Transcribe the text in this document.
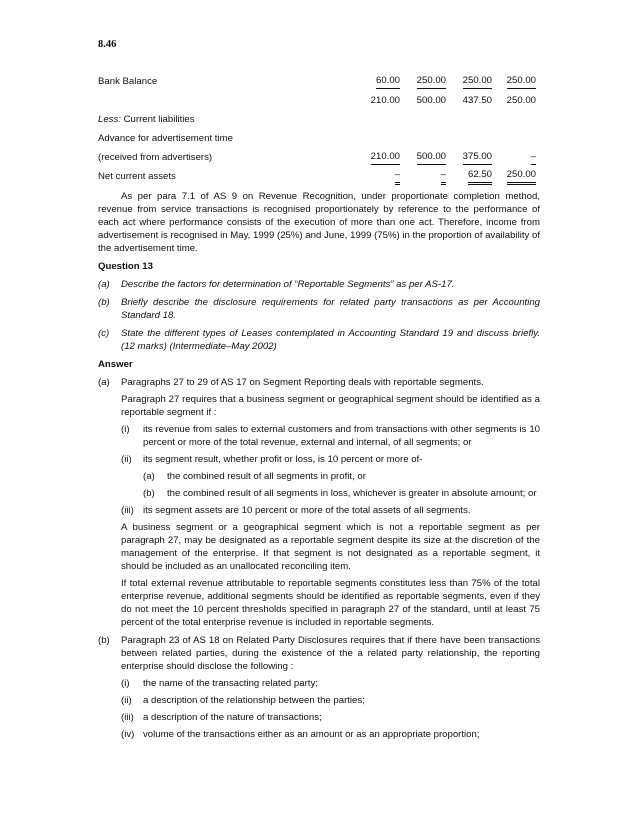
8.46
Bank Balance	60.00	250.00	250.00	250.00
	210.00	500.00	437.50	250.00
Less: Current liabilities				
Advance for advertisement time				
(received from advertisers)	210.00	500.00	375.00	–
Net current assets	–	–	62.50	250.00

As per para 7.1 of AS 9 on Revenue Recognition, under proportionate completion method, revenue from service transactions is recognised proportionately by reference to the performance of each act where performance consists of the execution of more than one act. Therefore, income from advertisement is recognised in May, 1999 (25%) and June, 1999 (75%) in the proportion of availability of the advertisement time.

Question 13

(a)	Describe the factors for determination of “Reportable Segments” as per AS-17.
(b)	Briefly describe the disclosure requirements for related party transactions as per Accounting Standard 18.
(c)	State the different types of Leases contemplated in Accounting Standard 19 and discuss briefly. (12 marks) (Intermediate–May 2002)

Answer

(a)	Paragraphs 27 to 29 of AS 17 on Segment Reporting deals with reportable segments.

Paragraph 27 requires that a business segment or geographical segment should be identified as a reportable segment if :

(i)	its revenue from sales to external customers and from transactions with other segments is 10 percent or more of the total revenue, external and internal, of all segments; or
(ii)	its segment result, whether profit or loss, is 10 percent or more of-
(a)	the combined result of all segments in profit, or
(b)	the combined result of all segments in loss, whichever is greater in absolute amount; or
(iii) its segment assets are 10 percent or more of the total assets of all segments.

A business segment or a geographical segment which is not a reportable segment as per paragraph 27, may be designated as a reportable segment despite its size at the discretion of the management of the enterprise. If that segment is not designated as a reportable segment, it should be included as an unallocated reconciling item.

If total external revenue attributable to reportable segments constitutes less than 75% of the total enterprise revenue, additional segments should be identified as reportable segments, even if they do not meet the 10 percent thresholds specified in paragraph 27 of the standard, until at least 75 percent of the total enterprise revenue is included in reportable segments.

(b)	Paragraph 23 of AS 18 on Related Party Disclosures requires that if there have been transactions between related parties, during the existence of the a related party relationship, the reporting enterprise should disclose the following :

(i)	the name of the transacting related party;
(ii)	a description of the relationship between the parties;
(iii) a description of the nature of transactions;
(iv) volume of the transactions either as an amount or as an appropriate proportion;
